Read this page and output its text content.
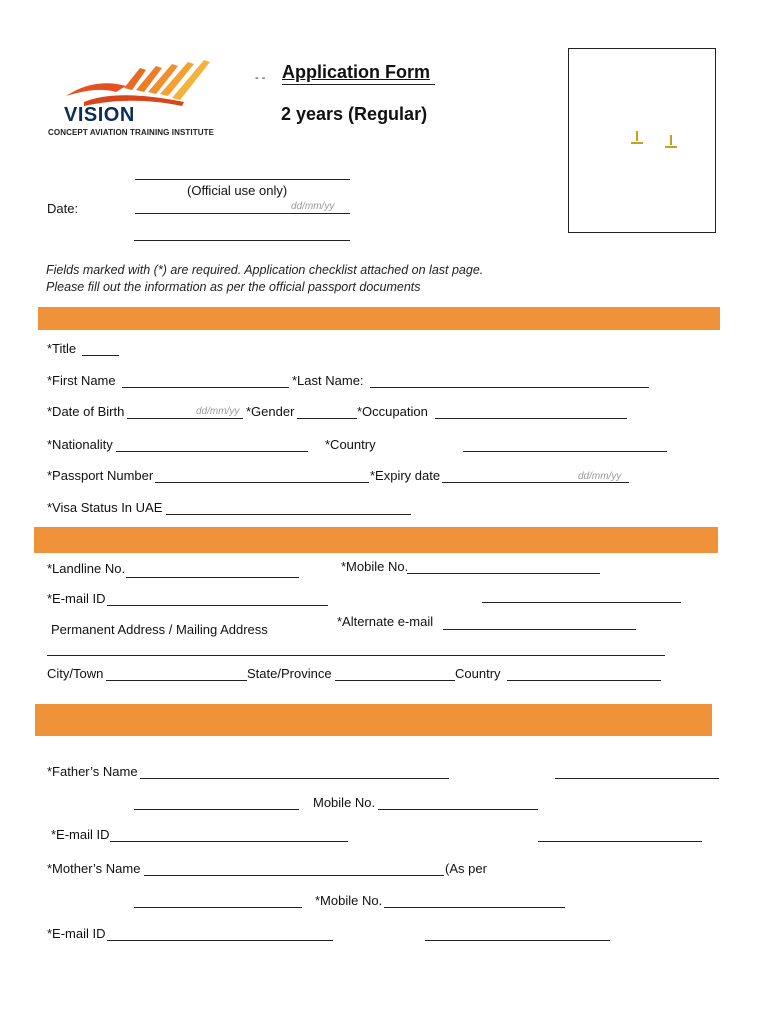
VISION
CONCEPT AVIATION TRAINING INSTITUTE
- - Application Form
2 years (Regular)
(Official use only)
Date:	dd/mm/yy
Fields marked with (*) are required. Application checklist attached on last page.
Please fill out the information as per the official passport documents
*Title
*First Name	*Last Name:
*Date of Birth	dd/mm/yy *Gender	*Occupation
*Nationality	*Country
*Passport Number	*Expiry date	dd/mm/yy
*Visa Status In UAE
*Landline No.	*Mobile No.
*E-mail ID
Permanent Address / Mailing Address
*Alternate e-mail
City/Town	State/Province	Country
*Father’s Name
Mobile No.
*E-mail ID
*Mother’s Name	(As per
*Mobile No.
*E-mail ID
